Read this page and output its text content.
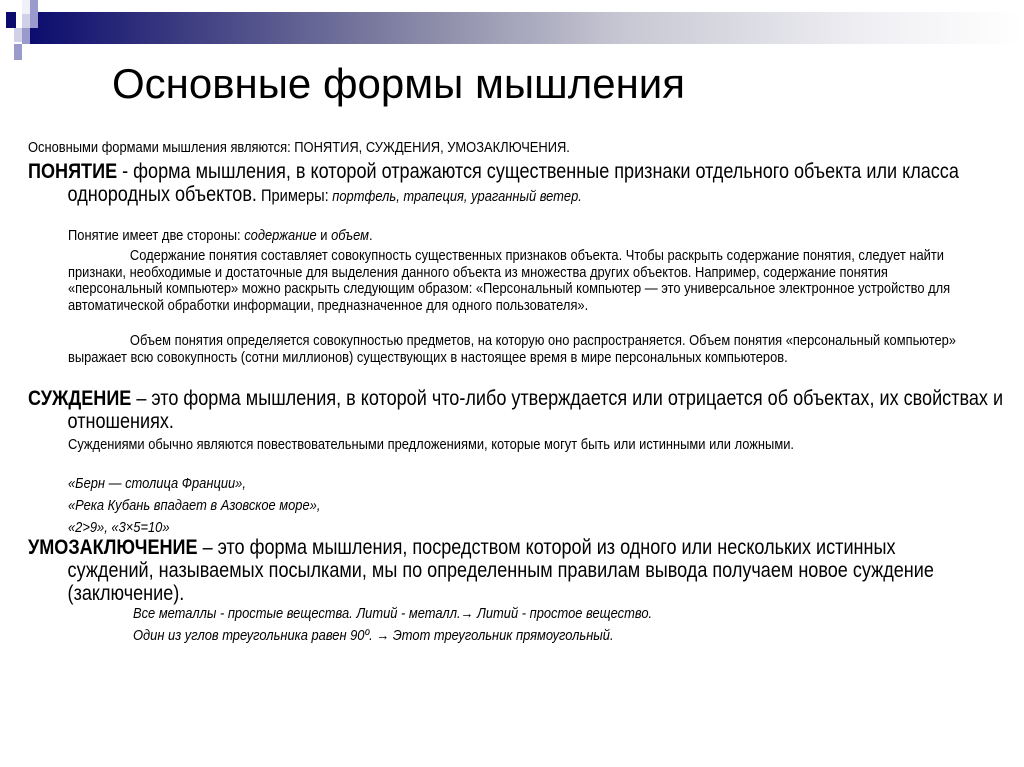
Основные формы мышления
Основными формами мышления являются: ПОНЯТИЯ, СУЖДЕНИЯ, УМОЗАКЛЮЧЕНИЯ.
ПОНЯТИЕ - форма мышления, в которой отражаются существенные признаки отдельного объекта или класса однородных объектов. Примеры: портфель, трапеция, ураганный ветер.
Понятие имеет две стороны: содержание и объем.
Содержание понятия составляет совокупность существенных признаков объекта. Чтобы раскрыть содержание понятия, следует найти признаки, необходимые и достаточные для выделения данного объекта из множества других объектов. Например, содержание понятия «персональный компьютер» можно раскрыть следующим образом: «Персональный компьютер — это универсальное электронное устройство для автоматической обработки информации, предназначенное для одного пользователя».
Объем понятия определяется совокупностью предметов, на которую оно распространяется. Объем понятия «персональный компьютер» выражает всю совокупность (сотни миллионов) существующих в настоящее время в мире персональных компьютеров.
СУЖДЕНИЕ – это форма мышления, в которой что-либо утверждается или отрицается об объектах, их свойствах и отношениях.
Суждениями обычно являются повествовательными предложениями, которые могут быть или истинными или ложными.
«Берн — столица Франции»,
«Река Кубань впадает в Азовское море»,
«2>9», «3×5=10»
УМОЗАКЛЮЧЕНИЕ – это форма мышления, посредством которой из одного или нескольких истинных суждений, называемых посылками, мы по определенным правилам вывода получаем новое суждение (заключение).
Все металлы - простые вещества. Литий - металл.→ Литий - простое вещество.
Один из углов треугольника равен 90º. → Этот треугольник прямоугольный.
